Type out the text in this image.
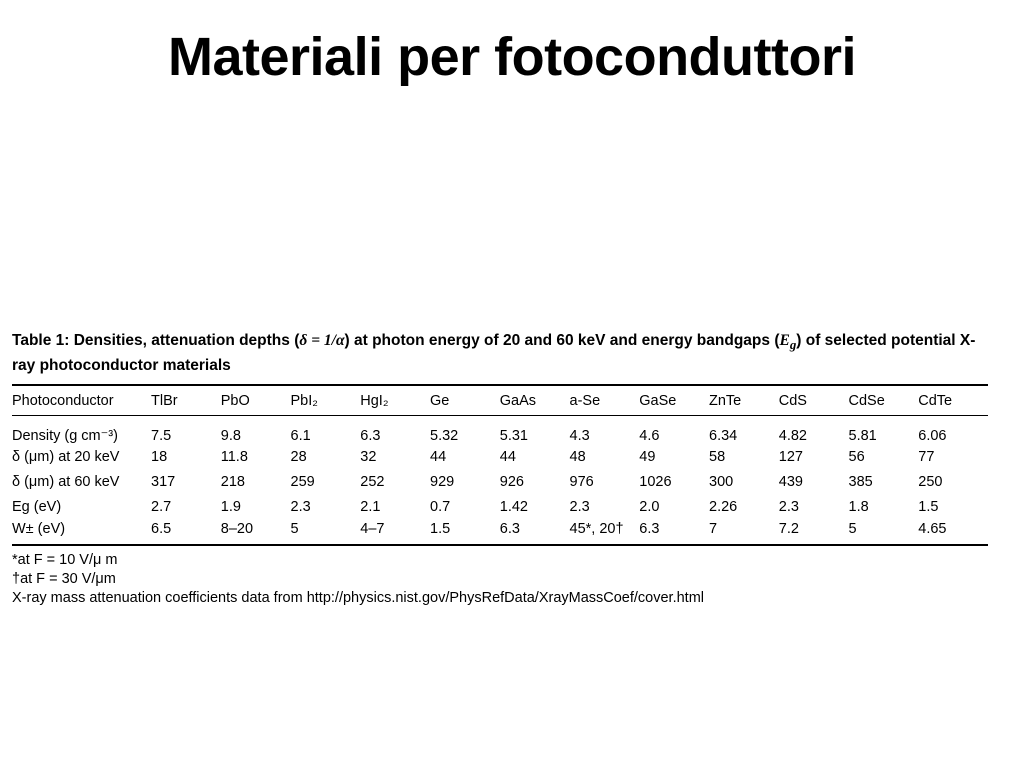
Materiali per fotoconduttori
Table 1: Densities, attenuation depths (δ = 1/α) at photon energy of 20 and 60 keV and energy bandgaps $(E_g)$ of selected potential X-ray photoconductor materials
Photoconductor	TlBr	PbO	PbI₂	HgI₂	Ge	GaAs	a-Se	GaSe	ZnTe	CdS	CdSe	CdTe

Density (g cm⁻³)	7.5	9.8	6.1	6.3	5.32	5.31	4.3	4.6	6.34	4.82	5.81	6.06
δ (μm) at 20 keV	18	11.8	28	32	44	44	48	49	58	127	56	77
δ (μm) at 60 keV	317	218	259	252	929	926	976	1026	300	439	385	250
Eg (eV)	2.7	1.9	2.3	2.1	0.7	1.42	2.3	2.0	2.26	2.3	1.8	1.5
W± (eV)	6.5	8–20	5	4–7	1.5	6.3	45*, 20†	6.3	7	7.2	5	4.65
*at F = 10 V/μ m
†at F = 30 V/μm
X-ray mass attenuation coefficients data from http://physics.nist.gov/PhysRefData/XrayMassCoef/cover.html
